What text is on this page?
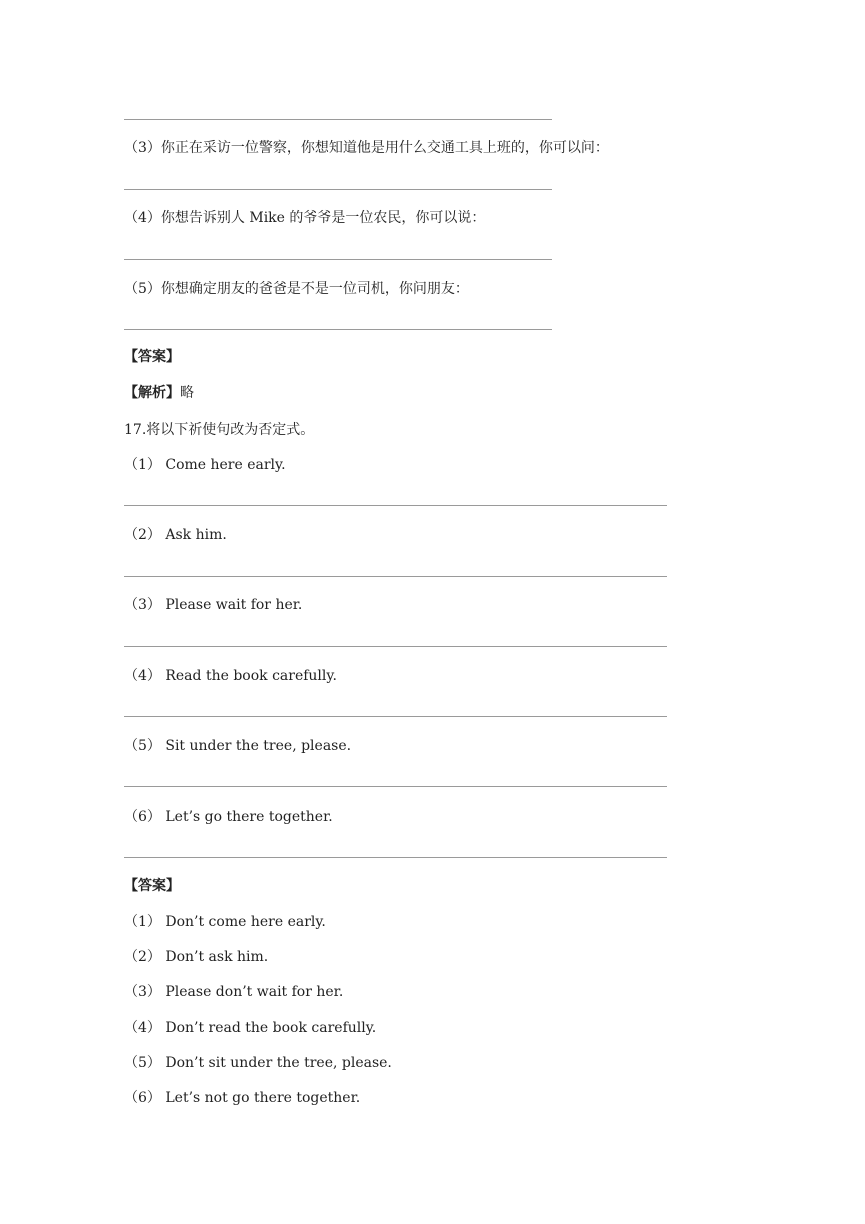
（3）你正在采访一位警察，你想知道他是用什么交通工具上班的，你可以问：
（4）你想告诉别人 Mike 的爷爷是一位农民，你可以说：
（5）你想确定朋友的爸爸是不是一位司机，你问朋友：
【答案】
【解析】略
17.将以下祈使句改为否定式。
（1） Come here early.
（2） Ask him.
（3） Please wait for her.
（4） Read the book carefully.
（5） Sit under the tree, please.
（6） Let’s go there together.
【答案】
（1） Don’t come here early.
（2） Don’t ask him.
（3） Please don’t wait for her.
（4） Don’t read the book carefully.
（5） Don’t sit under the tree, please.
（6） Let’s not go there together.
